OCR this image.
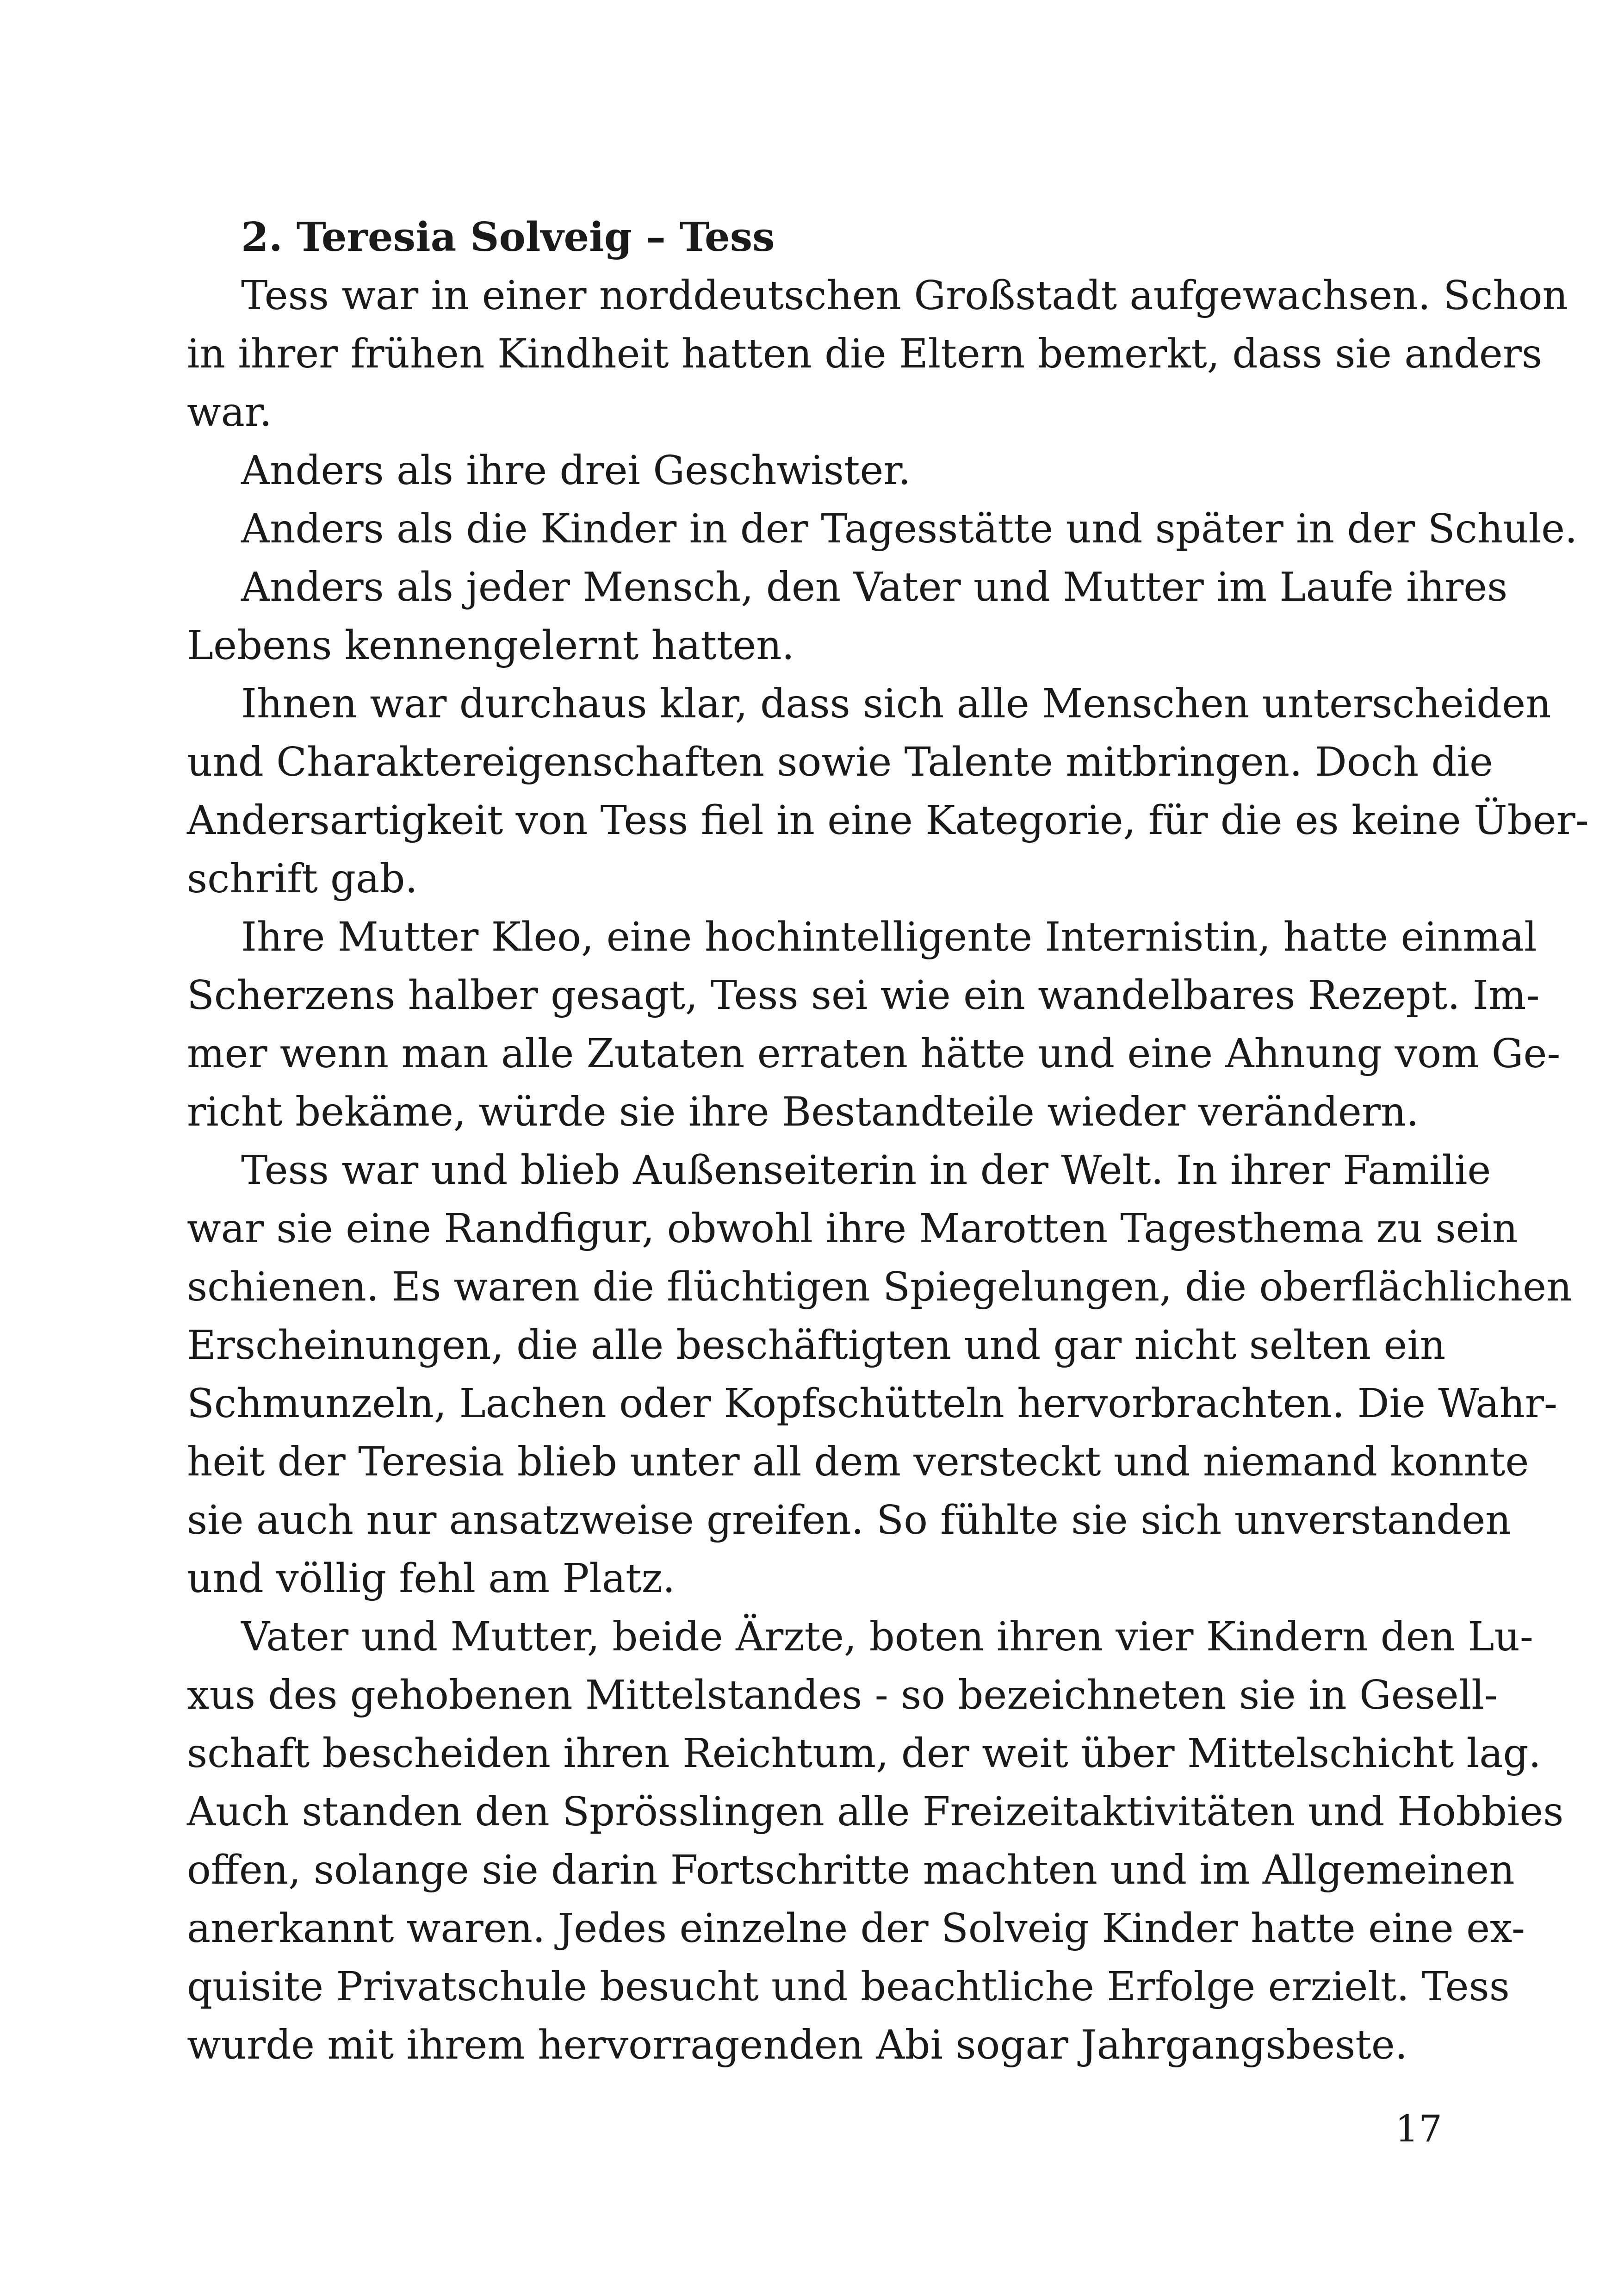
2. Teresia Solveig – Tess
Tess war in einer norddeutschen Großstadt aufgewachsen. Schon
in ihrer frühen Kindheit hatten die Eltern bemerkt, dass sie anders
war.
Anders als ihre drei Geschwister.
Anders als die Kinder in der Tagesstätte und später in der Schule.
Anders als jeder Mensch, den Vater und Mutter im Laufe ihres
Lebens kennengelernt hatten.
Ihnen war durchaus klar, dass sich alle Menschen unterscheiden
und Charaktereigenschaften sowie Talente mitbringen. Doch die
Andersartigkeit von Tess fiel in eine Kategorie, für die es keine Über-
schrift gab.
Ihre Mutter Kleo, eine hochintelligente Internistin, hatte einmal
Scherzens halber gesagt, Tess sei wie ein wandelbares Rezept. Im-
mer wenn man alle Zutaten erraten hätte und eine Ahnung vom Ge-
richt bekäme, würde sie ihre Bestandteile wieder verändern.
Tess war und blieb Außenseiterin in der Welt. In ihrer Familie
war sie eine Randfigur, obwohl ihre Marotten Tagesthema zu sein
schienen. Es waren die flüchtigen Spiegelungen, die oberflächlichen
Erscheinungen, die alle beschäftigten und gar nicht selten ein
Schmunzeln, Lachen oder Kopfschütteln hervorbrachten. Die Wahr-
heit der Teresia blieb unter all dem versteckt und niemand konnte
sie auch nur ansatzweise greifen. So fühlte sie sich unverstanden
und völlig fehl am Platz.
Vater und Mutter, beide Ärzte, boten ihren vier Kindern den Lu-
xus des gehobenen Mittelstandes - so bezeichneten sie in Gesell-
schaft bescheiden ihren Reichtum, der weit über Mittelschicht lag.
Auch standen den Sprösslingen alle Freizeitaktivitäten und Hobbies
offen, solange sie darin Fortschritte machten und im Allgemeinen
anerkannt waren. Jedes einzelne der Solveig Kinder hatte eine ex-
quisite Privatschule besucht und beachtliche Erfolge erzielt. Tess
wurde mit ihrem hervorragenden Abi sogar Jahrgangsbeste.
17
